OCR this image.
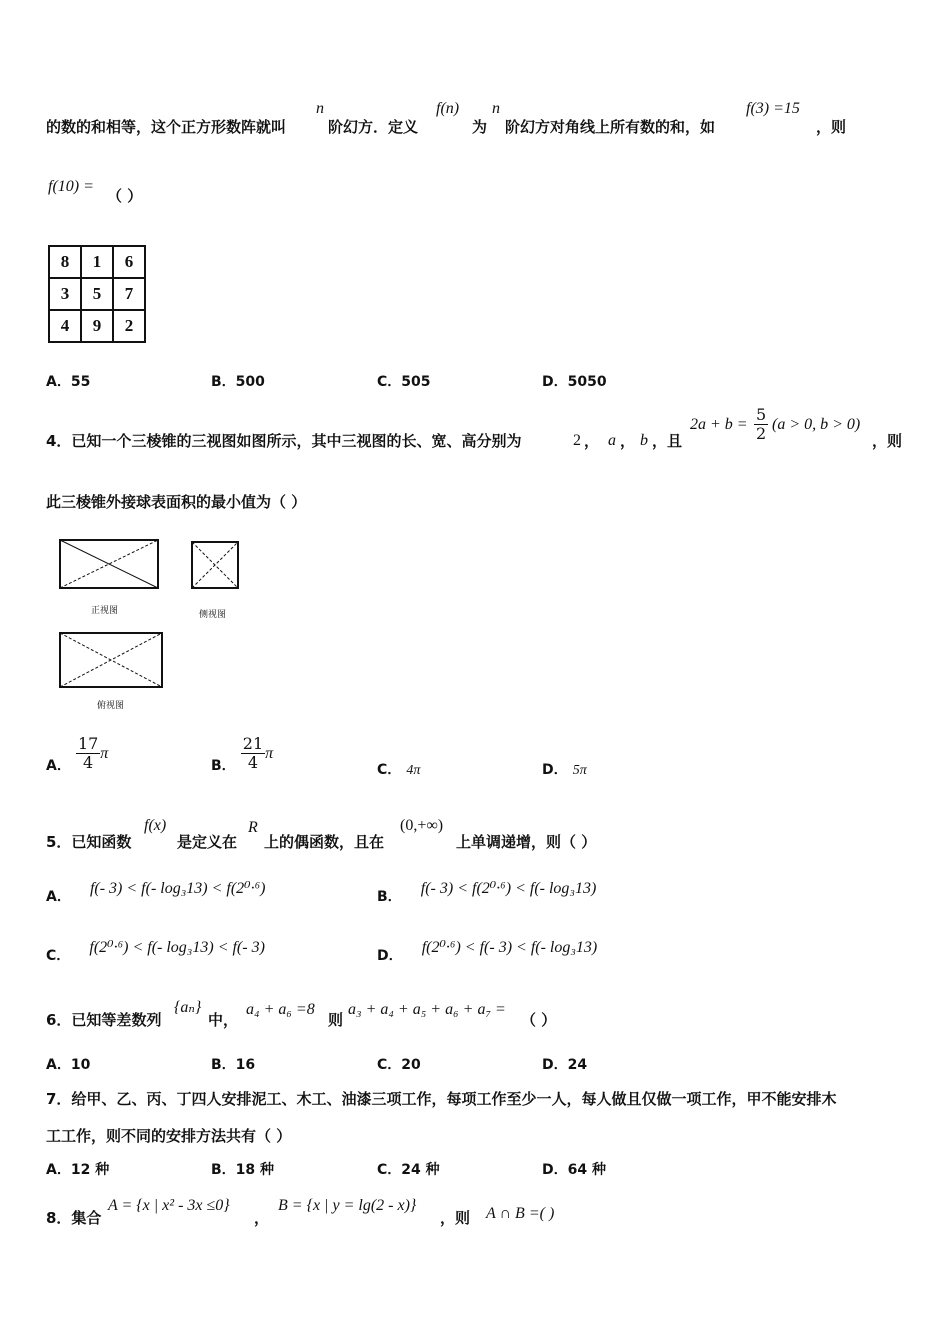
的数的和相等，这个正方形数阵就叫
n
阶幻方．定义
f(n)
为
n
阶幻方对角线上所有数的和，如
f(3) =15
，则
f(10) = （ ）
8	1	6
3	5	7
4	9	2
A．55	B．500	C．505	D．5050
4．已知一个三棱锥的三视图如图所示，其中三视图的长、宽、高分别为	2 ， a ， b ，且
$2a + b = \frac{5}{2} (a > 0$, b > 0)
，则
此三棱锥外接球表面积的最小值为（ ）
正视图	侧视图
俯视图
A． $\frac{17}{4}$ π
B． $\frac{21}{4}$ π
C． 4π	D． 5π
5．已知函数
f(x)
是定义在
R
上的偶函数，且在
(0,+∞)
上单调递增，则（ ）
A． f(- 3) < f(- log₃13) < f(2⁰·⁶)	B． f(- 3) < f(2⁰·⁶) < f(- log₃13)
C． f(2⁰·⁶) < f(- log₃13) < f(- 3)	D． f(2⁰·⁶) < f(- 3) < f(- log₃13)
6．已知等差数列
{aₙ}
中，
a₄ + a₆ =8
则
a₃ + a₄ + a₅ + a₆ + a₇ =
（ ）
A．10	B．16	C．20	D．24
7．给甲、乙、丙、丁四人安排泥工、木工、油漆三项工作，每项工作至少一人，每人做且仅做一项工作，甲不能安排木
工工作，则不同的安排方法共有（ ）
A．12 种	B．18 种	C．24 种	D．64 种
8．集合
A = {x | x² - 3x ≤0}
，
B = {x | y = lg(2 - x)}
，则 A ∩ B =( )
